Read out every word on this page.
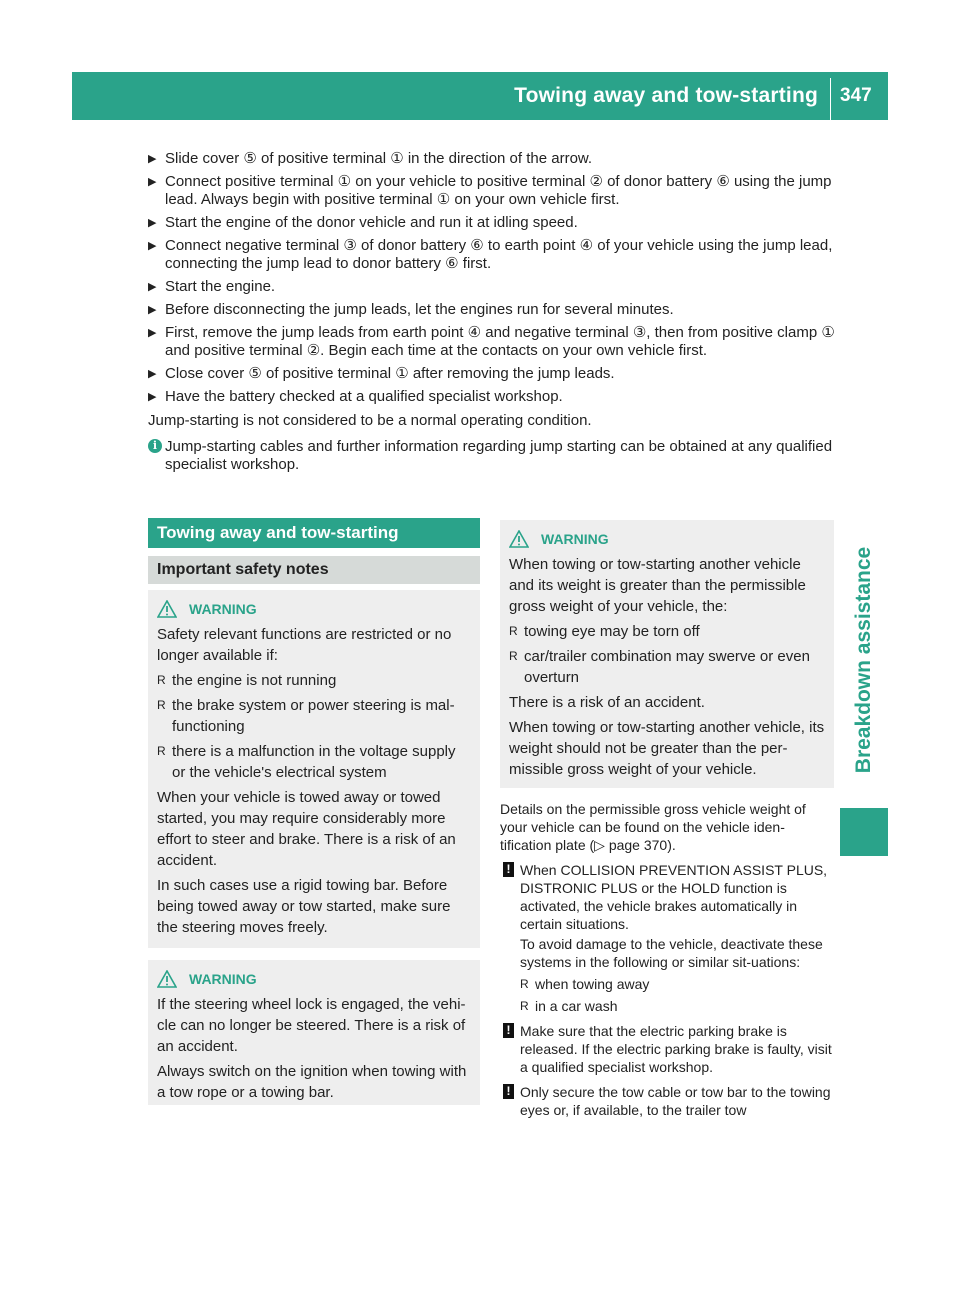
Towing away and tow-starting 347
Breakdown assistance
▶ Slide cover ⑤ of positive terminal ① in the direction of the arrow.
▶ Connect positive terminal ① on your vehicle to positive terminal ② of donor battery ⑥ using the jump lead. Always begin with positive terminal ① on your own vehicle first.
▶ Start the engine of the donor vehicle and run it at idling speed.
▶ Connect negative terminal ③ of donor battery ⑥ to earth point ④ of your vehicle using the jump lead, connecting the jump lead to donor battery ⑥ first.
▶ Start the engine.
▶ Before disconnecting the jump leads, let the engines run for several minutes.
▶ First, remove the jump leads from earth point ④ and negative terminal ③, then from positive clamp ① and positive terminal ②. Begin each time at the contacts on your own vehicle first.
▶ Close cover ⑤ of positive terminal ① after removing the jump leads.
▶ Have the battery checked at a qualified specialist workshop.
Jump-starting is not considered to be a normal operating condition.
i Jump-starting cables and further information regarding jump starting can be obtained at any qualified specialist workshop.
Towing away and tow-starting
Important safety notes
WARNING
Safety relevant functions are restricted or no longer available if:
R the engine is not running
R the brake system or power steering is mal-functioning
R there is a malfunction in the voltage supply or the vehicle's electrical system
When your vehicle is towed away or towed started, you may require considerably more effort to steer and brake. There is a risk of an accident.
In such cases use a rigid towing bar. Before being towed away or tow started, make sure the steering moves freely.
WARNING
If the steering wheel lock is engaged, the vehi-cle can no longer be steered. There is a risk of an accident.
Always switch on the ignition when towing with a tow rope or a towing bar.
WARNING
When towing or tow-starting another vehicle and its weight is greater than the permissible gross weight of your vehicle, the:
R towing eye may be torn off
R car/trailer combination may swerve or even overturn
There is a risk of an accident.
When towing or tow-starting another vehicle, its weight should not be greater than the per-missible gross weight of your vehicle.
Details on the permissible gross vehicle weight of your vehicle can be found on the vehicle iden-tification plate (▷ page 370).
! When COLLISION PREVENTION ASSIST PLUS, DISTRONIC PLUS or the HOLD function is activated, the vehicle brakes automatically in certain situations.
To avoid damage to the vehicle, deactivate these systems in the following or similar sit-uations:
R when towing away
R in a car wash
! Make sure that the electric parking brake is released. If the electric parking brake is faulty, visit a qualified specialist workshop.
! Only secure the tow cable or tow bar to the towing eyes or, if available, to the trailer tow
